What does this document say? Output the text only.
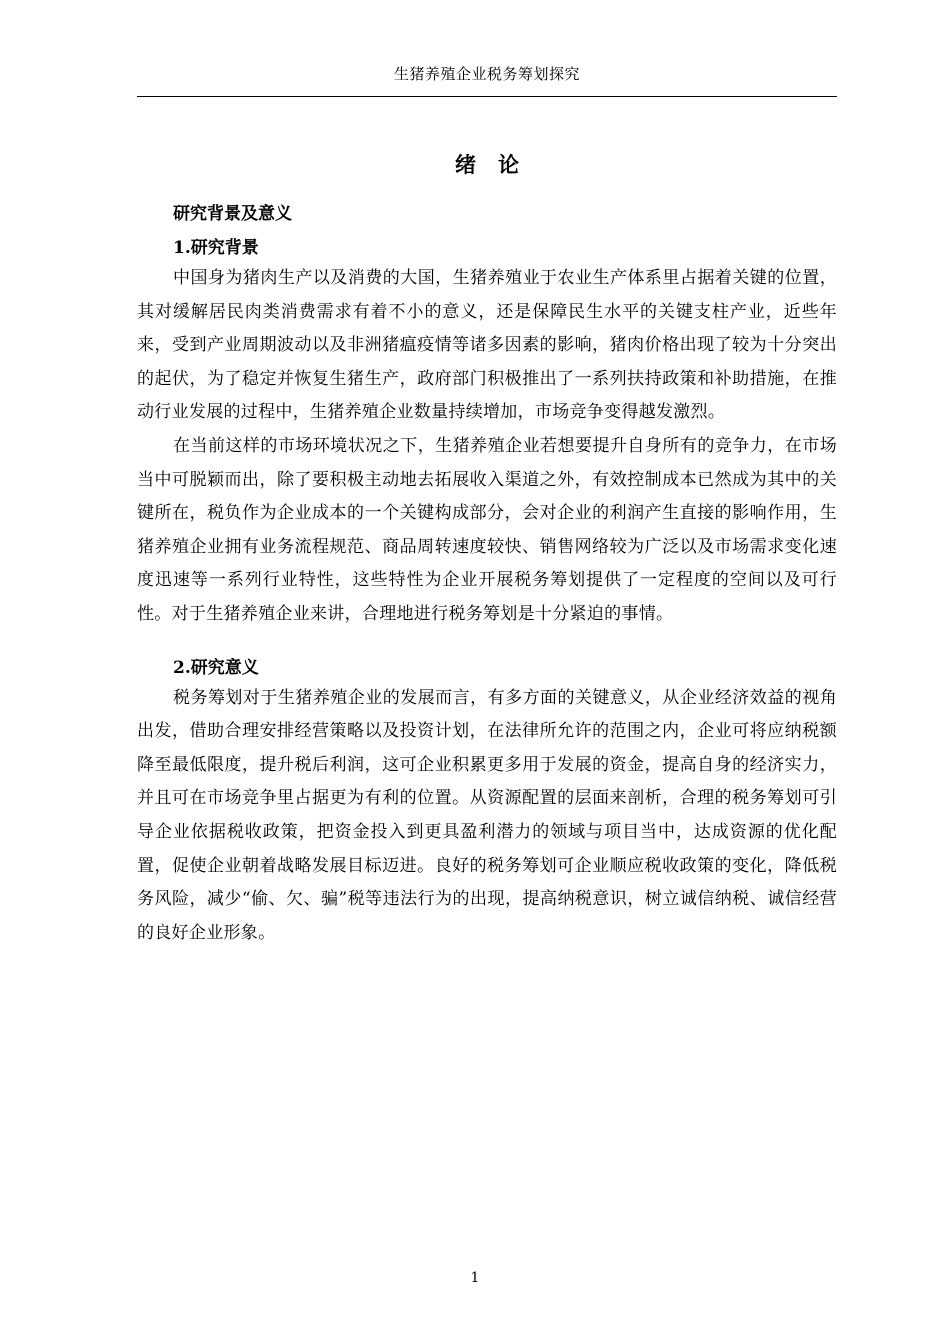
生猪养殖企业税务筹划探究
绪论

研究背景及意义

1.研究背景

中国身为猪肉生产以及消费的大国，生猪养殖业于农业生产体系里占据着关键的位置，其对缓解居民肉类消费需求有着不小的意义，还是保障民生水平的关键支柱产业，近些年来，受到产业周期波动以及非洲猪瘟疫情等诸多因素的影响，猪肉价格出现了较为十分突出的起伏，为了稳定并恢复生猪生产，政府部门积极推出了一系列扶持政策和补助措施，在推动行业发展的过程中，生猪养殖企业数量持续增加，市场竞争变得越发激烈。

在当前这样的市场环境状况之下，生猪养殖企业若想要提升自身所有的竞争力，在市场当中可脱颖而出，除了要积极主动地去拓展收入渠道之外，有效控制成本已然成为其中的关键所在，税负作为企业成本的一个关键构成部分，会对企业的利润产生直接的影响作用，生猪养殖企业拥有业务流程规范、商品周转速度较快、销售网络较为广泛以及市场需求变化速度迅速等一系列行业特性，这些特性为企业开展税务筹划提供了一定程度的空间以及可行性。对于生猪养殖企业来讲，合理地进行税务筹划是十分紧迫的事情。

2.研究意义

税务筹划对于生猪养殖企业的发展而言，有多方面的关键意义，从企业经济效益的视角出发，借助合理安排经营策略以及投资计划，在法律所允许的范围之内，企业可将应纳税额降至最低限度，提升税后利润，这可企业积累更多用于发展的资金，提高自身的经济实力，并且可在市场竞争里占据更为有利的位置。从资源配置的层面来剖析，合理的税务筹划可引导企业依据税收政策，把资金投入到更具盈利潜力的领域与项目当中，达成资源的优化配置，促使企业朝着战略发展目标迈进。良好的税务筹划可企业顺应税收政策的变化，降低税务风险，减少“偷、欠、骗”税等违法行为的出现，提高纳税意识，树立诚信纳税、诚信经营的良好企业形象。

1
